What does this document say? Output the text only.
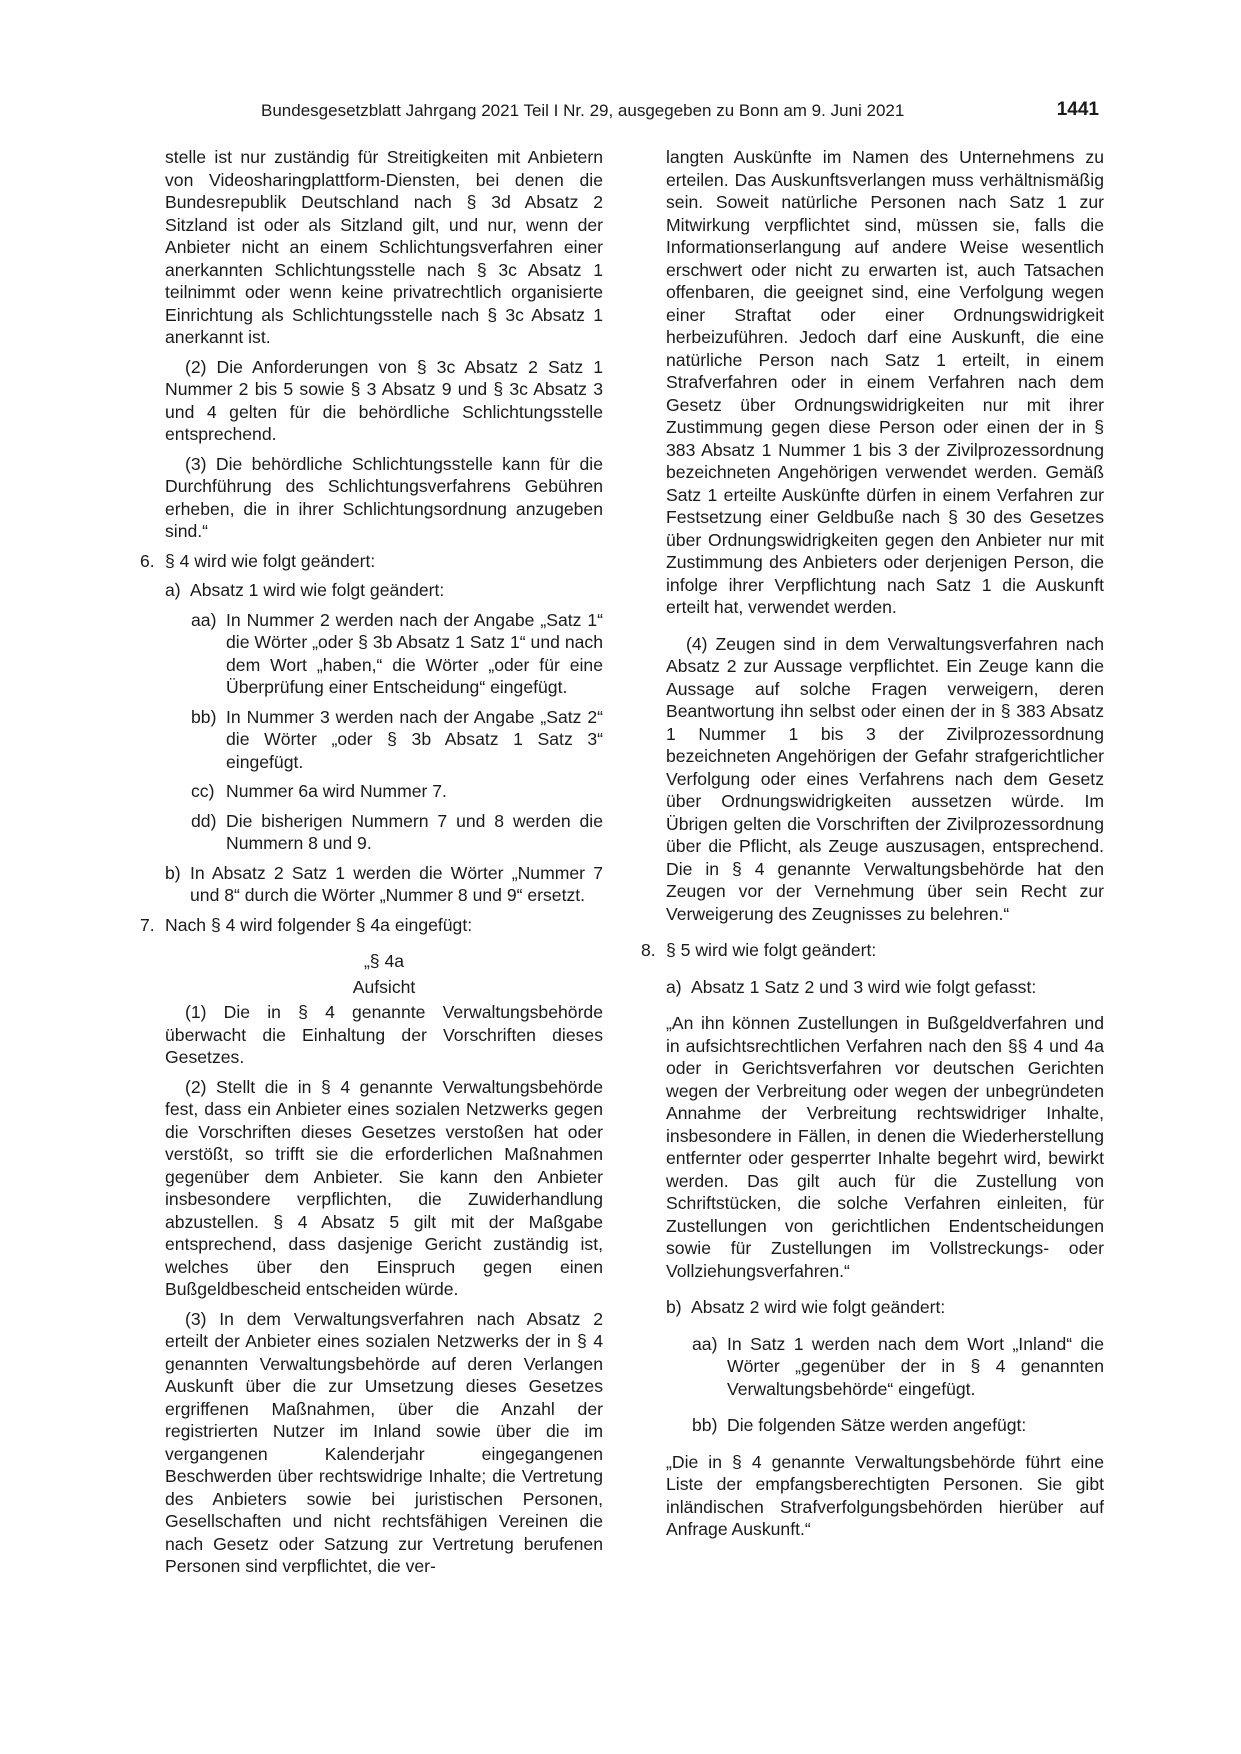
Bundesgesetzblatt Jahrgang 2021 Teil I Nr. 29, ausgegeben zu Bonn am 9. Juni 2021	1441

stelle ist nur zuständig für Streitigkeiten mit Anbietern von Videosharingplattform-Diensten, bei denen die Bundesrepublik Deutschland nach § 3d Absatz 2 Sitzland ist oder als Sitzland gilt, und nur, wenn der Anbieter nicht an einem Schlichtungsverfahren einer anerkannten Schlichtungsstelle nach § 3c Absatz 1 teilnimmt oder wenn keine privatrechtlich organisierte Einrichtung als Schlichtungsstelle nach § 3c Absatz 1 anerkannt ist.

(2) Die Anforderungen von § 3c Absatz 2 Satz 1 Nummer 2 bis 5 sowie § 3 Absatz 9 und § 3c Absatz 3 und 4 gelten für die behördliche Schlichtungsstelle entsprechend.

(3) Die behördliche Schlichtungsstelle kann für die Durchführung des Schlichtungsverfahrens Gebühren erheben, die in ihrer Schlichtungsordnung anzugeben sind.“

6. § 4 wird wie folgt geändert:
a) Absatz 1 wird wie folgt geändert:
aa) In Nummer 2 werden nach der Angabe „Satz 1“ die Wörter „oder § 3b Absatz 1 Satz 1“ und nach dem Wort „haben,“ die Wörter „oder für eine Überprüfung einer Entscheidung“ eingefügt.
bb) In Nummer 3 werden nach der Angabe „Satz 2“ die Wörter „oder § 3b Absatz 1 Satz 3“ eingefügt.
cc) Nummer 6a wird Nummer 7.
dd) Die bisherigen Nummern 7 und 8 werden die Nummern 8 und 9.
b) In Absatz 2 Satz 1 werden die Wörter „Nummer 7 und 8“ durch die Wörter „Nummer 8 und 9“ ersetzt.
7. Nach § 4 wird folgender § 4a eingefügt:

„§ 4a

Aufsicht

(1) Die in § 4 genannte Verwaltungsbehörde überwacht die Einhaltung der Vorschriften dieses Gesetzes.

(2) Stellt die in § 4 genannte Verwaltungsbehörde fest, dass ein Anbieter eines sozialen Netzwerks gegen die Vorschriften dieses Gesetzes verstoßen hat oder verstößt, so trifft sie die erforderlichen Maßnahmen gegenüber dem Anbieter. Sie kann den Anbieter insbesondere verpflichten, die Zuwiderhandlung abzustellen. § 4 Absatz 5 gilt mit der Maßgabe entsprechend, dass dasjenige Gericht zuständig ist, welches über den Einspruch gegen einen Bußgeldbescheid entscheiden würde.

(3) In dem Verwaltungsverfahren nach Absatz 2 erteilt der Anbieter eines sozialen Netzwerks der in § 4 genannten Verwaltungsbehörde auf deren Verlangen Auskunft über die zur Umsetzung dieses Gesetzes ergriffenen Maßnahmen, über die Anzahl der registrierten Nutzer im Inland sowie über die im vergangenen Kalenderjahr eingegangenen Beschwerden über rechtswidrige Inhalte; die Vertretung des Anbieters sowie bei juristischen Personen, Gesellschaften und nicht rechtsfähigen Vereinen die nach Gesetz oder Satzung zur Vertretung berufenen Personen sind verpflichtet, die ver-

langten Auskünfte im Namen des Unternehmens zu erteilen. Das Auskunftsverlangen muss verhältnismäßig sein. Soweit natürliche Personen nach Satz 1 zur Mitwirkung verpflichtet sind, müssen sie, falls die Informationserlangung auf andere Weise wesentlich erschwert oder nicht zu erwarten ist, auch Tatsachen offenbaren, die geeignet sind, eine Verfolgung wegen einer Straftat oder einer Ordnungswidrigkeit herbeizuführen. Jedoch darf eine Auskunft, die eine natürliche Person nach Satz 1 erteilt, in einem Strafverfahren oder in einem Verfahren nach dem Gesetz über Ordnungswidrigkeiten nur mit ihrer Zustimmung gegen diese Person oder einen der in § 383 Absatz 1 Nummer 1 bis 3 der Zivilprozessordnung bezeichneten Angehörigen verwendet werden. Gemäß Satz 1 erteilte Auskünfte dürfen in einem Verfahren zur Festsetzung einer Geldbuße nach § 30 des Gesetzes über Ordnungswidrigkeiten gegen den Anbieter nur mit Zustimmung des Anbieters oder derjenigen Person, die infolge ihrer Verpflichtung nach Satz 1 die Auskunft erteilt hat, verwendet werden.

(4) Zeugen sind in dem Verwaltungsverfahren nach Absatz 2 zur Aussage verpflichtet. Ein Zeuge kann die Aussage auf solche Fragen verweigern, deren Beantwortung ihn selbst oder einen der in § 383 Absatz 1 Nummer 1 bis 3 der Zivilprozessordnung bezeichneten Angehörigen der Gefahr strafgerichtlicher Verfolgung oder eines Verfahrens nach dem Gesetz über Ordnungswidrigkeiten aussetzen würde. Im Übrigen gelten die Vorschriften der Zivilprozessordnung über die Pflicht, als Zeuge auszusagen, entsprechend. Die in § 4 genannte Verwaltungsbehörde hat den Zeugen vor der Vernehmung über sein Recht zur Verweigerung des Zeugnisses zu belehren.“

8. § 5 wird wie folgt geändert:
a) Absatz 1 Satz 2 und 3 wird wie folgt gefasst:

„An ihn können Zustellungen in Bußgeldverfahren und in aufsichtsrechtlichen Verfahren nach den §§ 4 und 4a oder in Gerichtsverfahren vor deutschen Gerichten wegen der Verbreitung oder wegen der unbegründeten Annahme der Verbreitung rechtswidriger Inhalte, insbesondere in Fällen, in denen die Wiederherstellung entfernter oder gesperrter Inhalte begehrt wird, bewirkt werden. Das gilt auch für die Zustellung von Schriftstücken, die solche Verfahren einleiten, für Zustellungen von gerichtlichen Endentscheidungen sowie für Zustellungen im Vollstreckungs- oder Vollziehungsverfahren.“

b) Absatz 2 wird wie folgt geändert:
aa) In Satz 1 werden nach dem Wort „Inland“ die Wörter „gegenüber der in § 4 genannten Verwaltungsbehörde“ eingefügt.
bb) Die folgenden Sätze werden angefügt:

„Die in § 4 genannte Verwaltungsbehörde führt eine Liste der empfangsberechtigten Personen. Sie gibt inländischen Strafverfolgungsbehörden hierüber auf Anfrage Auskunft.“
